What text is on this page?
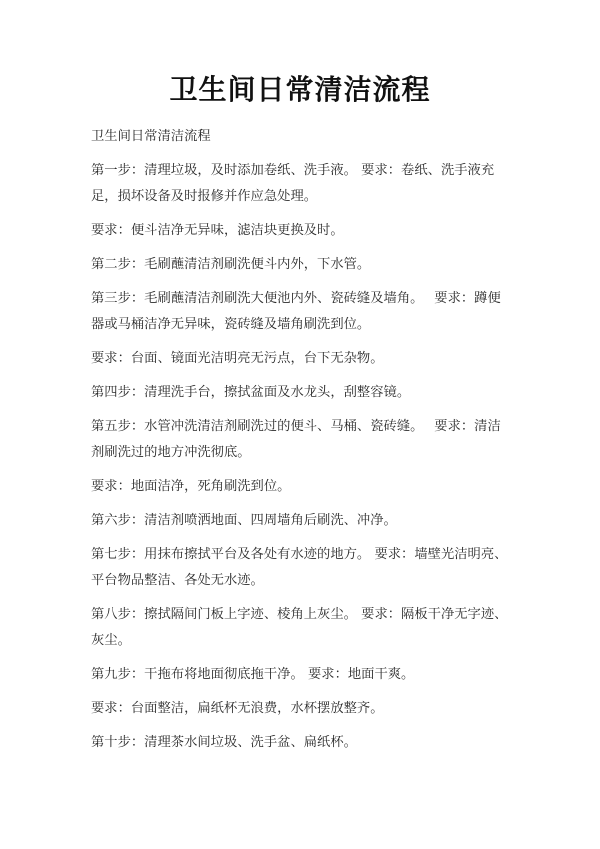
卫生间日常清洁流程

卫生间日常清洁流程

第一步：清理垃圾，及时添加卷纸、洗手液。 要求：卷纸、洗手液充足，损坏设备及时报修并作应急处理。

要求：便斗洁净无异味，滤洁块更换及时。

第二步：毛刷蘸清洁剂刷洗便斗内外，下水管。

第三步：毛刷蘸清洁剂刷洗大便池内外、瓷砖缝及墙角。　 要求：蹲便器或马桶洁净无异味，瓷砖缝及墙角刷洗到位。

要求：台面、镜面光洁明亮无污点，台下无杂物。

第四步：清理洗手台，擦拭盆面及水龙头，刮整容镜。

第五步：水管冲洗清洁剂刷洗过的便斗、马桶、瓷砖缝。　 要求：清洁剂刷洗过的地方冲洗彻底。

要求：地面洁净，死角刷洗到位。

第六步：清洁剂喷洒地面、四周墙角后刷洗、冲净。

第七步：用抹布擦拭平台及各处有水迹的地方。 要求：墙壁光洁明亮、平台物品整洁、各处无水迹。

第八步：擦拭隔间门板上字迹、棱角上灰尘。 要求：隔板干净无字迹、灰尘。

第九步：干拖布将地面彻底拖干净。 要求：地面干爽。

要求：台面整洁，扁纸杯无浪费，水杯摆放整齐。

第十步：清理茶水间垃圾、洗手盆、扁纸杯。
